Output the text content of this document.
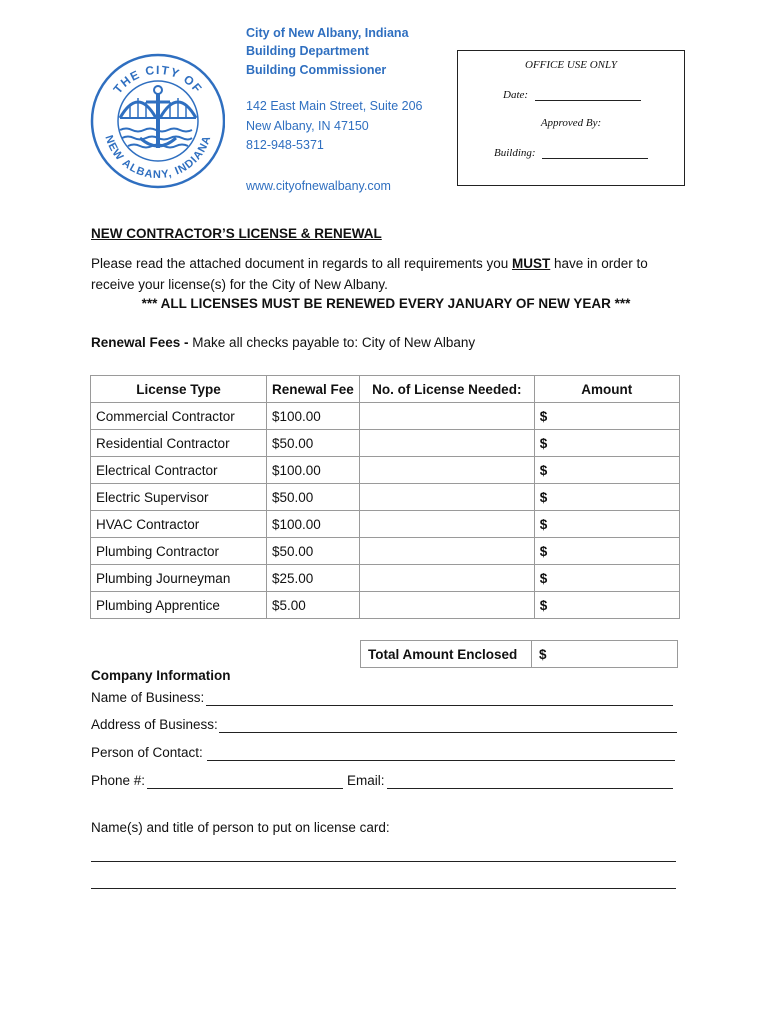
THE CITY OF
NEW ALBANY, INDIANA
City of New Albany, Indiana
Building Department
Building Commissioner
142 East Main Street, Suite 206
New Albany, IN 47150
812-948-5371
www.cityofnewalbany.com
OFFICE USE ONLY
Date:
Approved By:
Building:
NEW CONTRACTOR’S LICENSE & RENEWAL
Please read the attached document in regards to all requirements you MUST have in order to receive your license(s) for the City of New Albany.
*** ALL LICENSES MUST BE RENEWED EVERY JANUARY OF NEW YEAR ***
Renewal Fees - Make all checks payable to: City of New Albany
License Type	Renewal Fee	No. of License Needed:	Amount
Commercial Contractor	$100.00		$
Residential Contractor	$50.00		$
Electrical Contractor	$100.00		$
Electric Supervisor	$50.00		$
HVAC Contractor	$100.00		$
Plumbing Contractor	$50.00		$
Plumbing Journeyman	$25.00		$
Plumbing Apprentice	$5.00		$
Total Amount Enclosed	$
Company Information
Name of Business:
Address of Business:
Person of Contact:
Phone #:	Email:
Name(s) and title of person to put on license card:
